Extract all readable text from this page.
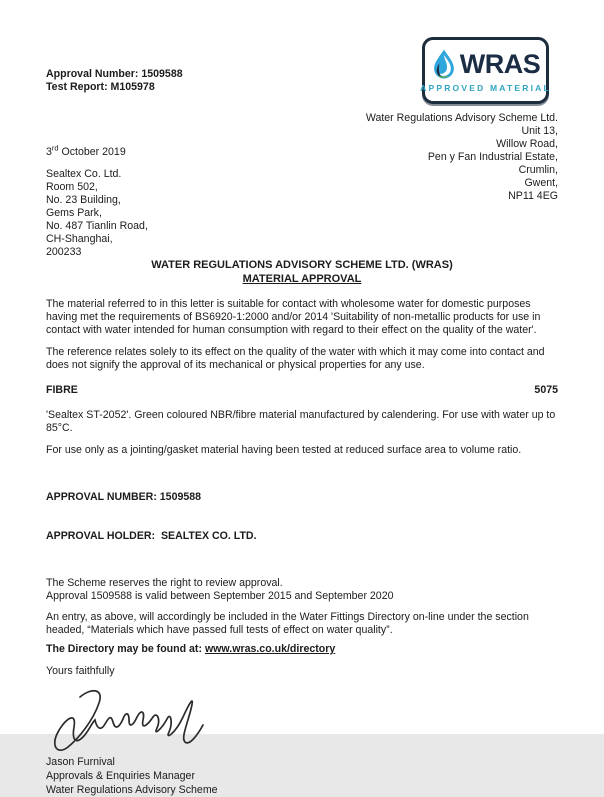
Approval Number: 1509588
Test Report: M105978
WRAS
APPROVED MATERIAL
Water Regulations Advisory Scheme Ltd.
Unit 13,
Willow Road,
Pen y Fan Industrial Estate,
Crumlin,
Gwent,
NP11 4EG
3rd October 2019
Sealtex Co. Ltd.
Room 502,
No. 23 Building,
Gems Park,
No. 487 Tianlin Road,
CH-Shanghai,
200233
WATER REGULATIONS ADVISORY SCHEME LTD. (WRAS)
MATERIAL APPROVAL
The material referred to in this letter is suitable for contact with wholesome water for domestic purposes having met the requirements of BS6920-1:2000 and/or 2014 'Suitability of non-metallic products for use in contact with water intended for human consumption with regard to their effect on the quality of the water'.
The reference relates solely to its effect on the quality of the water with which it may come into contact and does not signify the approval of its mechanical or physical properties for any use.
FIBRE	5075
'Sealtex ST-2052'. Green coloured NBR/fibre material manufactured by calendering. For use with water up to 85°C.
For use only as a jointing/gasket material having been tested at reduced surface area to volume ratio.

APPROVAL NUMBER: 1509588

APPROVAL HOLDER:  SEALTEX CO. LTD.

The Scheme reserves the right to review approval.
Approval 1509588 is valid between September 2015 and September 2020
An entry, as above, will accordingly be included in the Water Fittings Directory on-line under the section headed, “Materials which have passed full tests of effect on water quality”.
The Directory may be found at: www.wras.co.uk/directory
Yours faithfully
Jason Furnival
Approvals & Enquiries Manager
Water Regulations Advisory Scheme
